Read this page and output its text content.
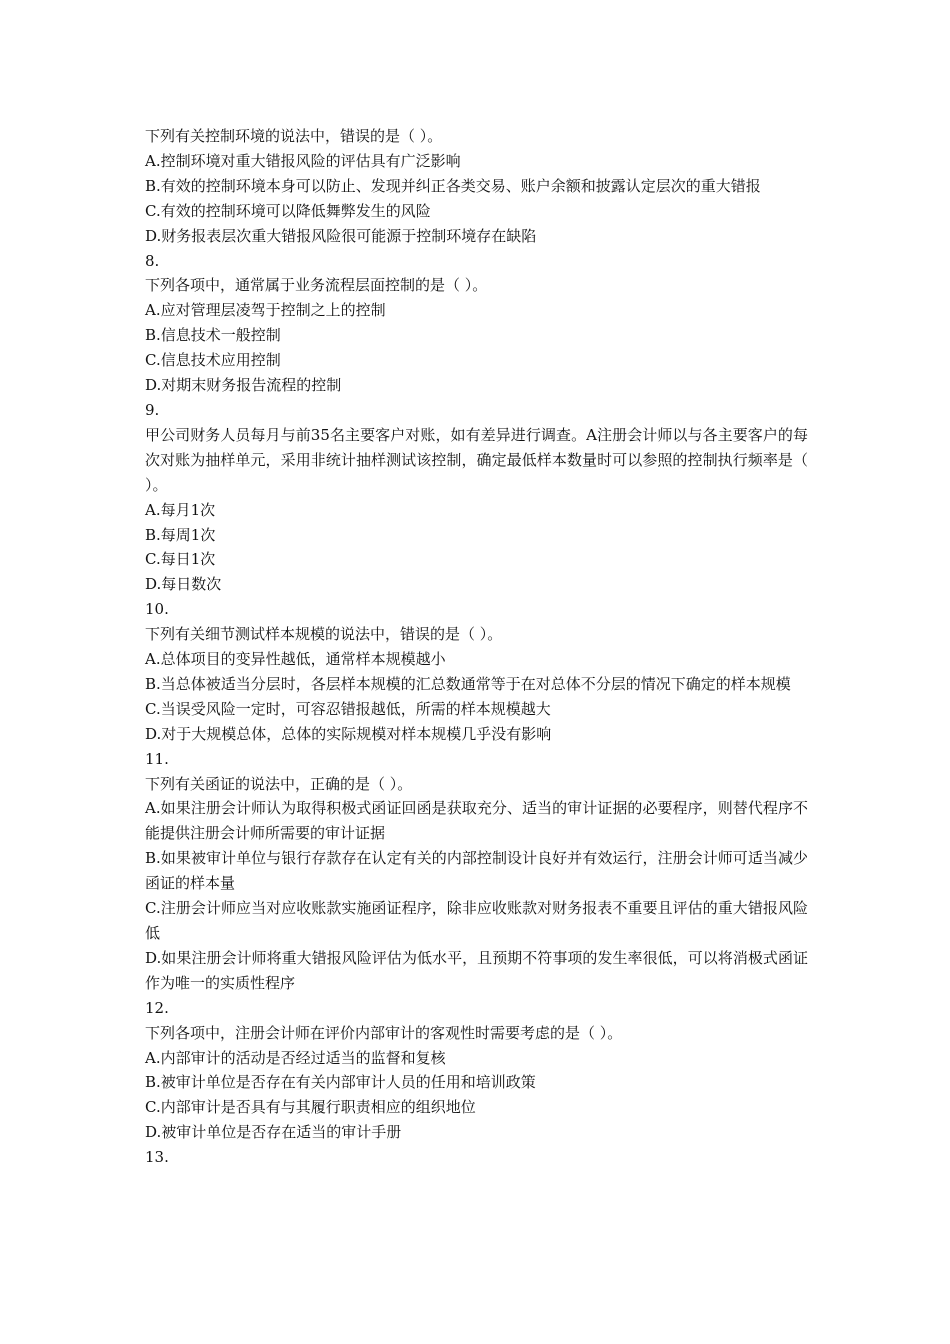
下列有关控制环境的说法中，错误的是（ ）。

A.控制环境对重大错报风险的评估具有广泛影响

B.有效的控制环境本身可以防止、发现并纠正各类交易、账户余额和披露认定层次的重大错报

C.有效的控制环境可以降低舞弊发生的风险

D.财务报表层次重大错报风险很可能源于控制环境存在缺陷

8.

下列各项中，通常属于业务流程层面控制的是（ ）。

A.应对管理层凌驾于控制之上的控制

B.信息技术一般控制

C.信息技术应用控制

D.对期末财务报告流程的控制

9.

甲公司财务人员每月与前35名主要客户对账，如有差异进行调查。A注册会计师以与各主要客户的每次对账为抽样单元，采用非统计抽样测试该控制，确定最低样本数量时可以参照的控制执行频率是（ ）。

A.每月1次

B.每周1次

C.每日1次

D.每日数次

10.

下列有关细节测试样本规模的说法中，错误的是（ ）。

A.总体项目的变异性越低，通常样本规模越小

B.当总体被适当分层时，各层样本规模的汇总数通常等于在对总体不分层的情况下确定的样本规模

C.当误受风险一定时，可容忍错报越低，所需的样本规模越大

D.对于大规模总体，总体的实际规模对样本规模几乎没有影响

11.

下列有关函证的说法中，正确的是（ ）。

A.如果注册会计师认为取得积极式函证回函是获取充分、适当的审计证据的必要程序，则替代程序不能提供注册会计师所需要的审计证据

B.如果被审计单位与银行存款存在认定有关的内部控制设计良好并有效运行，注册会计师可适当减少函证的样本量

C.注册会计师应当对应收账款实施函证程序，除非应收账款对财务报表不重要且评估的重大错报风险低

D.如果注册会计师将重大错报风险评估为低水平，且预期不符事项的发生率很低，可以将消极式函证作为唯一的实质性程序

12.

下列各项中，注册会计师在评价内部审计的客观性时需要考虑的是（ ）。

A.内部审计的活动是否经过适当的监督和复核

B.被审计单位是否存在有关内部审计人员的任用和培训政策

C.内部审计是否具有与其履行职责相应的组织地位

D.被审计单位是否存在适当的审计手册

13.
